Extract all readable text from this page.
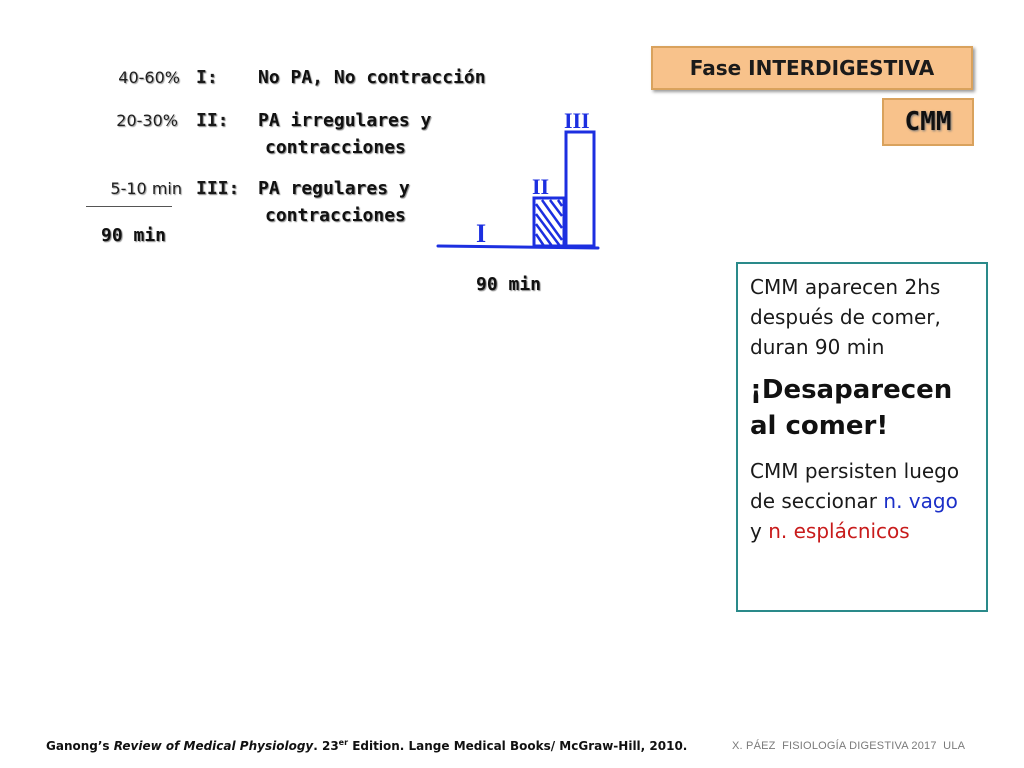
40-60% I: No PA, No contracción
20-30% II: PA irregulares y
contracciones
5-10 min III: PA regulares y
contracciones
90 min	I
II
III
90 min
Fase INTERDIGESTIVA
CMM

CMM aparecen 2hs después de comer, duran 90 min

¡Desaparecen al comer!

CMM persisten luego de seccionar n. vago y n. esplácnicos

Ganong’s Review of Medical Physiology. 23er Edition. Lange Medical Books/ McGraw-Hill, 2010.	X. PÁEZ  FISIOLOGÍA DIGESTIVA 2017  ULA
